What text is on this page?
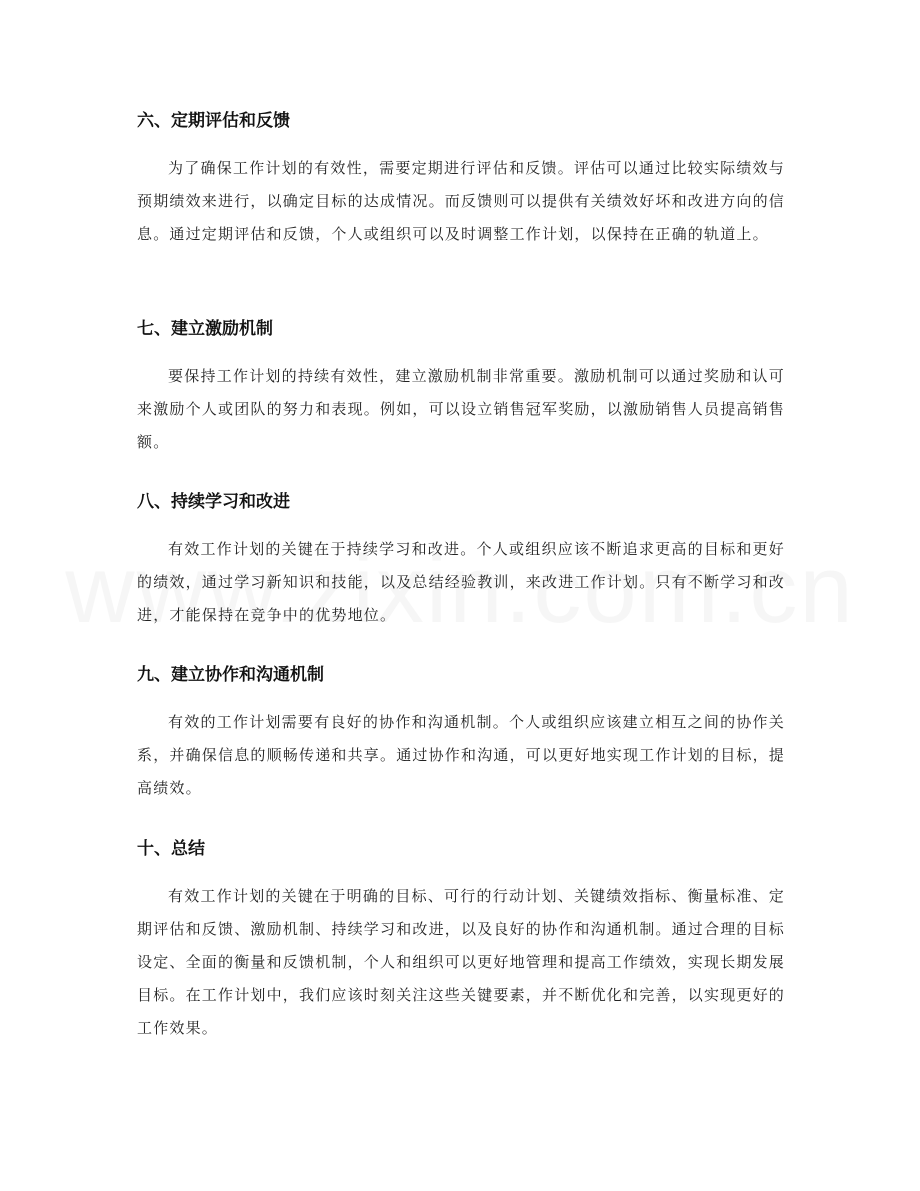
六、定期评估和反馈

为了确保工作计划的有效性，需要定期进行评估和反馈。评估可以通过比较实际绩效与预期绩效来进行，以确定目标的达成情况。而反馈则可以提供有关绩效好坏和改进方向的信息。通过定期评估和反馈，个人或组织可以及时调整工作计划，以保持在正确的轨道上。

七、建立激励机制

要保持工作计划的持续有效性，建立激励机制非常重要。激励机制可以通过奖励和认可来激励个人或团队的努力和表现。例如，可以设立销售冠军奖励，以激励销售人员提高销售额。

八、持续学习和改进

有效工作计划的关键在于持续学习和改进。个人或组织应该不断追求更高的目标和更好的绩效，通过学习新知识和技能，以及总结经验教训，来改进工作计划。只有不断学习和改进，才能保持在竞争中的优势地位。

九、建立协作和沟通机制

有效的工作计划需要有良好的协作和沟通机制。个人或组织应该建立相互之间的协作关系，并确保信息的顺畅传递和共享。通过协作和沟通，可以更好地实现工作计划的目标，提高绩效。

十、总结

有效工作计划的关键在于明确的目标、可行的行动计划、关键绩效指标、衡量标准、定期评估和反馈、激励机制、持续学习和改进，以及良好的协作和沟通机制。通过合理的目标设定、全面的衡量和反馈机制，个人和组织可以更好地管理和提高工作绩效，实现长期发展目标。在工作计划中，我们应该时刻关注这些关键要素，并不断优化和完善，以实现更好的工作效果。
